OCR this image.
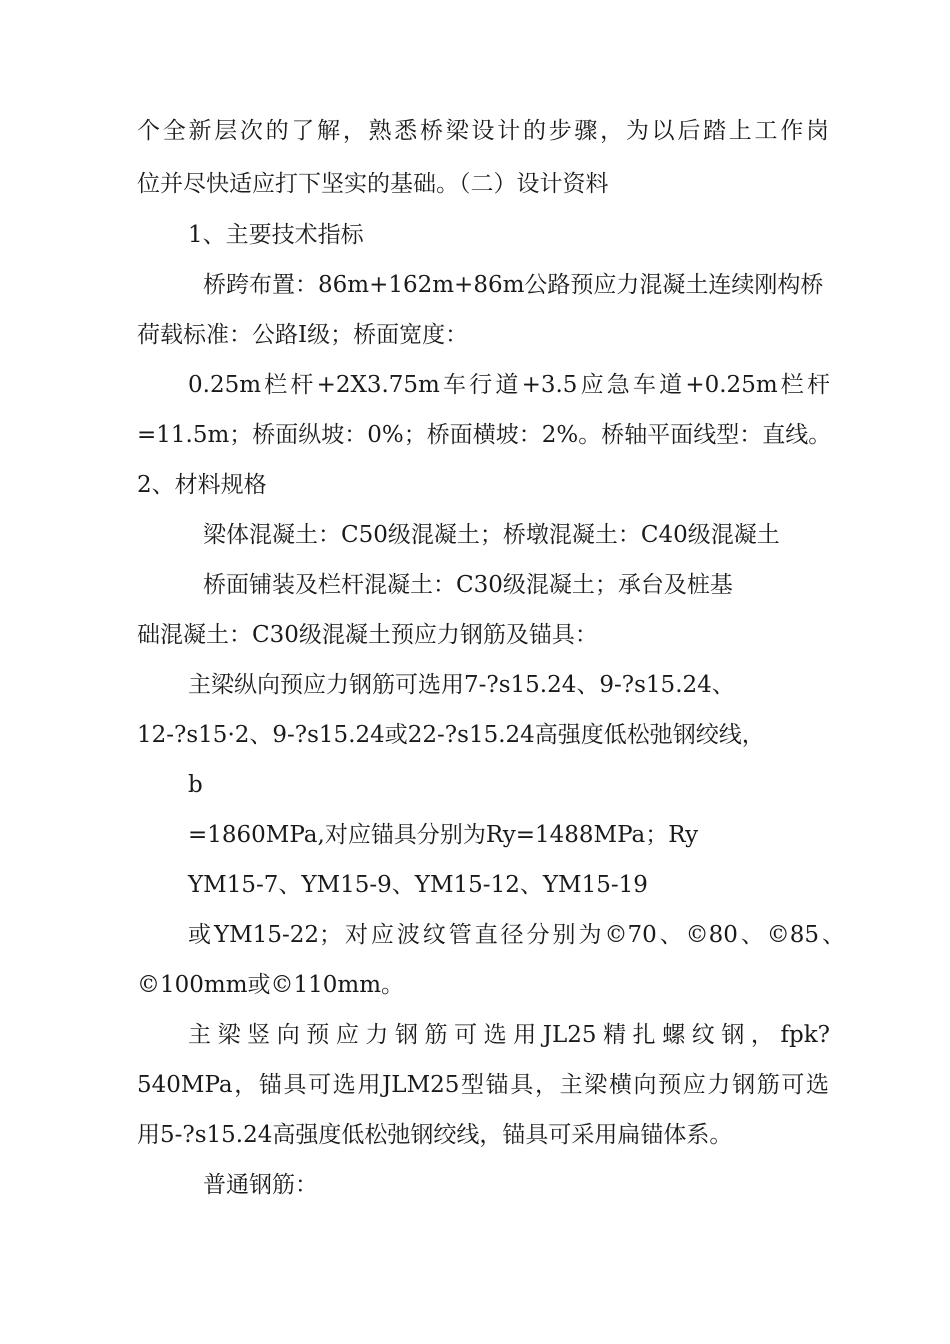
个全新层次的了解，熟悉桥梁设计的步骤，为以后踏上工作岗
位并尽快适应打下坚实的基础。（二）设计资料
1、主要技术指标
桥跨布置：86m+162m+86m公路预应力混凝土连续刚构桥
荷载标准：公路Ⅰ级；桥面宽度：
0.25m栏杆+2X3.75m车行道+3.5应急车道+0.25m栏杆
=11.5m；桥面纵坡：0%；桥面横坡：2%。桥轴平面线型：直线。
2、材料规格
梁体混凝土：C50级混凝土；桥墩混凝土：C40级混凝土
桥面铺装及栏杆混凝土：C30级混凝土；承台及桩基
础混凝土：C30级混凝土预应力钢筋及锚具：
主梁纵向预应力钢筋可选用7-?s15.24、9-?s15.24、
12-?s15·2、9-?s15.24或22-?s15.24高强度低松弛钢绞线，
b
=1860MPa,对应锚具分别为Ry=1488MPa；Ry
YM15-7、YM15-9、YM15-12、YM15-19
或YM15-22；对应波纹管直径分别为©70、©80、©85、
©100mm或©110mm。
主梁竖向预应力钢筋可选用JL25精扎螺纹钢，fpk?
540MPa，锚具可选用JLM25型锚具，主梁横向预应力钢筋可选
用5-?s15.24高强度低松弛钢绞线，锚具可采用扁锚体系。
普通钢筋：
